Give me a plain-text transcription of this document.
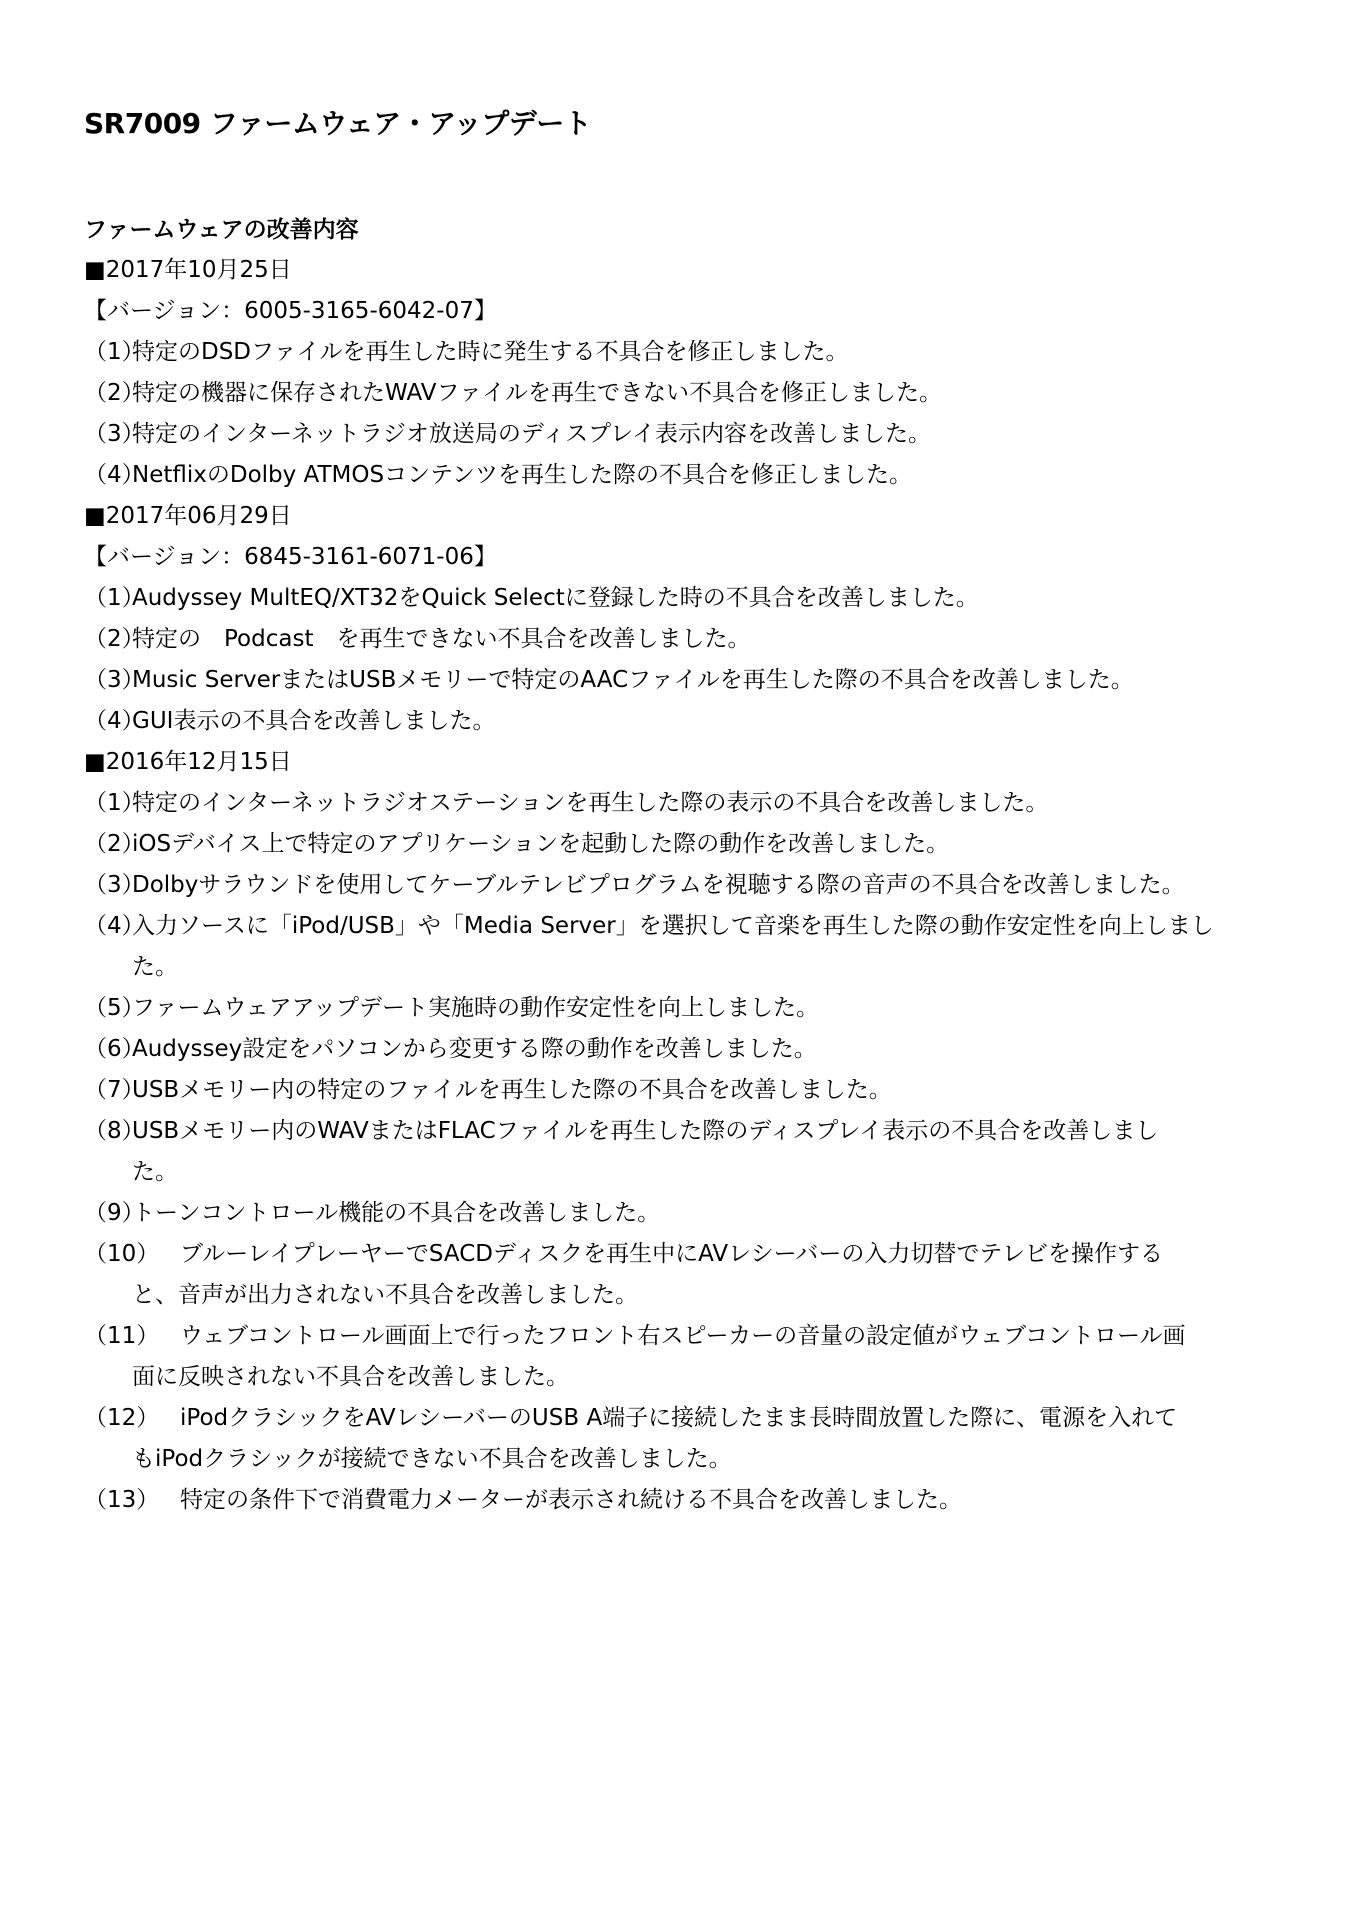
SR7009 ファームウェア・アップデート
ファームウェアの改善内容
■2017年10月25日
【バージョン：6005-3165-6042-07】
（1）
特定のDSDファイルを再生した時に発生する不具合を修正しました。
（2）
特定の機器に保存されたWAVファイルを再生できない不具合を修正しました。
（3）
特定のインターネットラジオ放送局のディスプレイ表示内容を改善しました。
（4）
NetflixのDolby ATMOSコンテンツを再生した際の不具合を修正しました。
■2017年06月29日
【バージョン：6845-3161-6071-06】
（1）
Audyssey MultEQ/XT32をQuick Selectに登録した時の不具合を改善しました。
（2）
特定の　Podcast　を再生できない不具合を改善しました。
（3）
Music ServerまたはUSBメモリーで特定のAACファイルを再生した際の不具合を改善しました。
（4）
GUI表示の不具合を改善しました。
■2016年12月15日
（1）
特定のインターネットラジオステーションを再生した際の表示の不具合を改善しました。
（2）
iOSデバイス上で特定のアプリケーションを起動した際の動作を改善しました。
（3）
Dolbyサラウンドを使用してケーブルテレビプログラムを視聴する際の音声の不具合を改善しました。
（4）入力ソースに「iPod/USB」や「Media Server」を選択して音楽を再生した際の動作安定性を向上しまし
た。
（5）
ファームウェアアップデート実施時の動作安定性を向上しました。
（6）
Audyssey設定をパソコンから変更する際の動作を改善しました。
（7）
USBメモリー内の特定のファイルを再生した際の不具合を改善しました。
（8）USBメモリー内のWAVまたはFLACファイルを再生した際のディスプレイ表示の不具合を改善しまし
た。
（9）
トーンコントロール機能の不具合を改善しました。
（10） ブルーレイプレーヤーでSACDディスクを再生中にAVレシーバーの入力切替でテレビを操作する
と、音声が出力されない不具合を改善しました。
（11） ウェブコントロール画面上で行ったフロント右スピーカーの音量の設定値がウェブコントロール画
面に反映されない不具合を改善しました。
（12） iPodクラシックをAVレシーバーのUSB A端子に接続したまま長時間放置した際に、電源を入れて
もiPodクラシックが接続できない不具合を改善しました。
（13） 特定の条件下で消費電力メーターが表示され続ける不具合を改善しました。
